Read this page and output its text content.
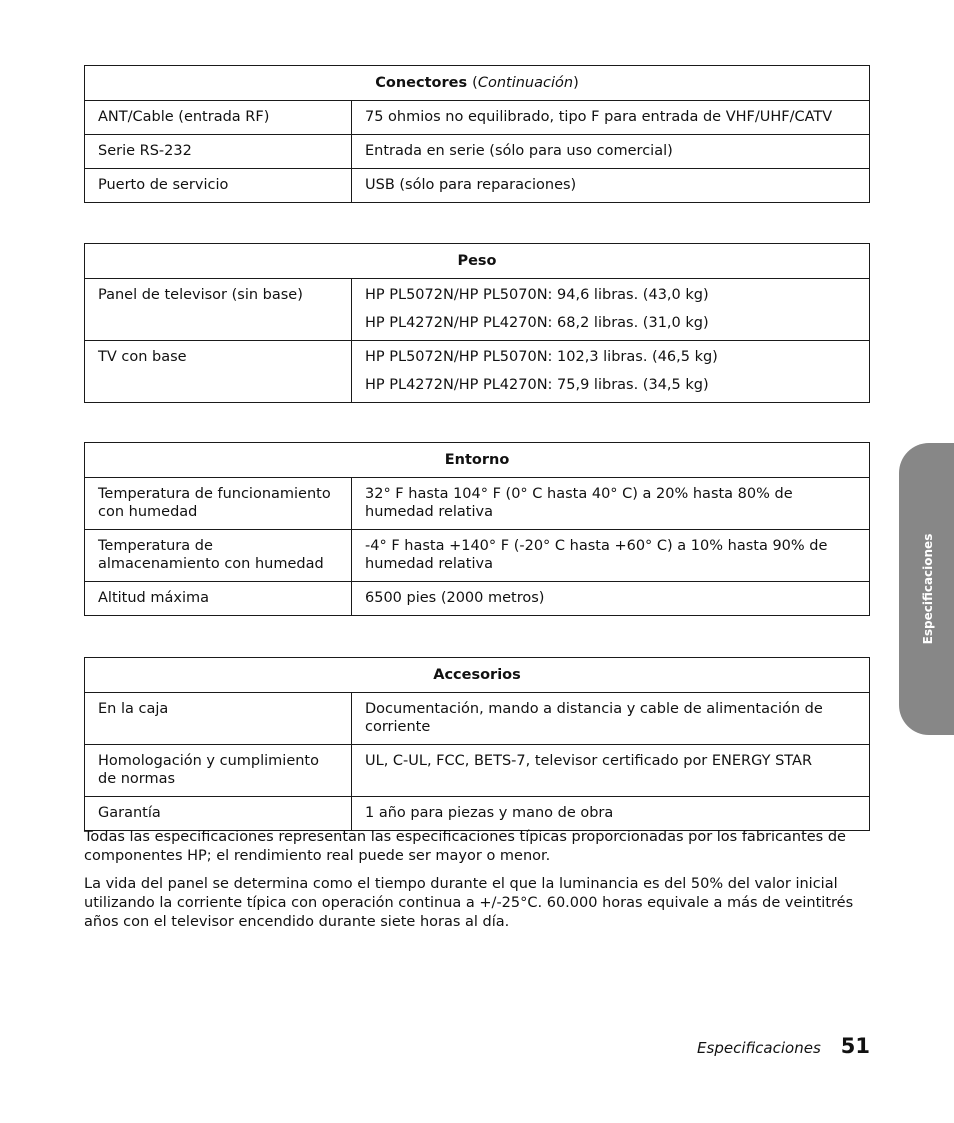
Conectores (Continuación)	
ANT/Cable (entrada RF)	75 ohmios no equilibrado, tipo F para entrada de VHF/UHF/CATV
Serie RS-232	Entrada en serie (sólo para uso comercial)
Puerto de servicio	USB (sólo para reparaciones)
Peso	
Panel de televisor (sin base)	HP PL5072N/HP PL5070N: 94,6 libras. (43,0 kg)
HP PL4272N/HP PL4270N: 68,2 libras. (31,0 kg)

TV con base	HP PL5072N/HP PL5070N: 102,3 libras. (46,5 kg)
HP PL4272N/HP PL4270N: 75,9 libras. (34,5 kg)
Entorno	
Temperatura de funcionamiento con humedad	32° F hasta 104° F (0° C hasta 40° C) a 20% hasta 80% de humedad relativa
Temperatura de almacenamiento con humedad	-4° F hasta +140° F (-20° C hasta +60° C) a 10% hasta 90% de humedad relativa
Altitud máxima	6500 pies (2000 metros)
Accesorios	
En la caja	Documentación, mando a distancia y cable de alimentación de corriente
Homologación y cumplimiento de normas	UL, C-UL, FCC, BETS-7, televisor certificado por ENERGY STAR
Garantía	1 año para piezas y mano de obra

Todas las especificaciones representan las especificaciones típicas proporcionadas por los fabricantes de componentes HP; el rendimiento real puede ser mayor o menor.

La vida del panel se determina como el tiempo durante el que la luminancia es del 50% del valor inicial utilizando la corriente típica con operación continua a +/-25°C. 60.000 horas equivale a más de veintitrés años con el televisor encendido durante siete horas al día.

Especificaciones
Especificaciones 51
